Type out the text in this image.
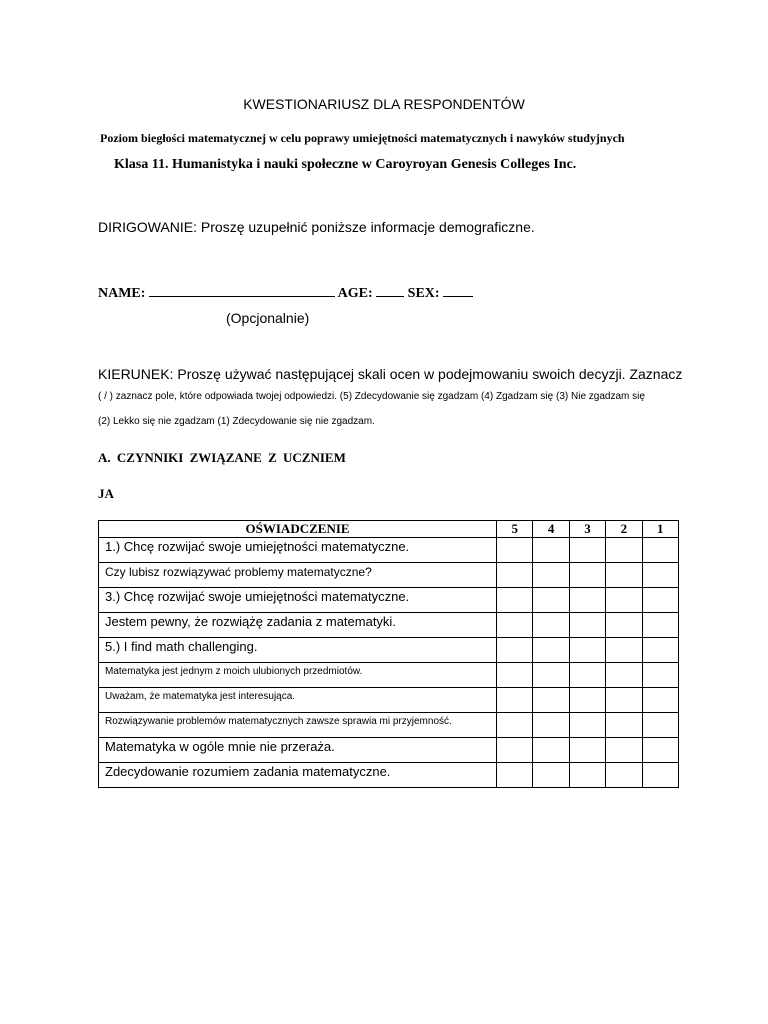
KWESTIONARIUSZ DLA RESPONDENTÓW
Poziom biegłości matematycznej w celu poprawy umiejętności matematycznych i nawyków studyjnych
Klasa 11. Humanistyka i nauki społeczne w Caroyroyan Genesis Colleges Inc.
DIRIGOWANIE: Proszę uzupełnić poniższe informacje demograficzne.
NAME:	AGE:	SEX:
(Opcjonalnie)
KIERUNEK: Proszę używać następującej skali ocen w podejmowaniu swoich decyzji. Zaznacz
( / ) zaznacz pole, które odpowiada twojej odpowiedzi. (5) Zdecydowanie się zgadzam (4) Zgadzam się (3) Nie zgadzam się
(2) Lekko się nie zgadzam (1) Zdecydowanie się nie zgadzam.
A. CZYNNIKI ZWIĄZANE Z UCZNIEM
JA
OŚWIADCZENIE	5	4	3	2	1
1.) Chcę rozwijać swoje umiejętności matematyczne.					
Czy lubisz rozwiązywać problemy matematyczne?					
3.) Chcę rozwijać swoje umiejętności matematyczne.					
Jestem pewny, że rozwiążę zadania z matematyki.					
5.) I find math challenging.					
Matematyka jest jednym z moich ulubionych przedmiotów.					
Uważam, że matematyka jest interesująca.					
Rozwiązywanie problemów matematycznych zawsze sprawia mi przyjemność.					
Matematyka w ogóle mnie nie przeraża.					
Zdecydowanie rozumiem zadania matematyczne.					
